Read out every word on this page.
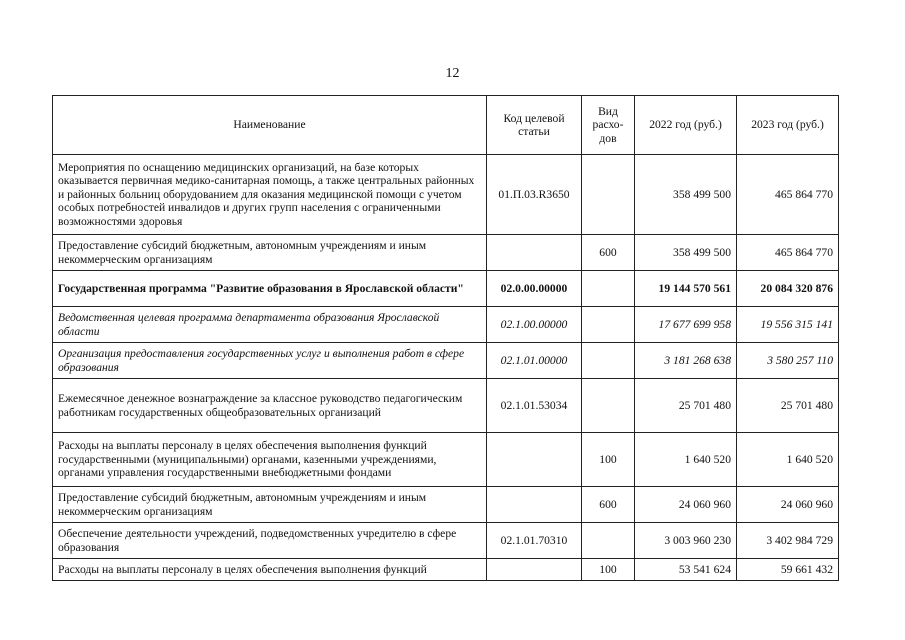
12
Наименование	Код целевой статьи	Вид расхо-дов	2022 год (руб.)	2023 год (руб.)
Мероприятия по оснащению медицинских организаций, на базе которых оказывается первичная медико-санитарная помощь, а также центральных районных и районных больниц оборудованием для оказания медицинской помощи с учетом особых потребностей инвалидов и других групп населения с ограниченными возможностями здоровья	01.П.03.R3650		358 499 500	465 864 770
Предоставление субсидий бюджетным, автономным учреждениям и иным некоммерческим организациям		600	358 499 500	465 864 770
Государственная программа "Развитие образования в Ярославской области"	02.0.00.00000		19 144 570 561	20 084 320 876
Ведомственная целевая программа департамента образования Ярославской области	02.1.00.00000		17 677 699 958	19 556 315 141
Организация предоставления государственных услуг и выполнения работ в сфере образования	02.1.01.00000		3 181 268 638	3 580 257 110
Ежемесячное денежное вознаграждение за классное руководство педагогическим работникам государственных общеобразовательных организаций	02.1.01.53034		25 701 480	25 701 480
Расходы на выплаты персоналу в целях обеспечения выполнения функций государственными (муниципальными) органами, казенными учреждениями, органами управления государственными внебюджетными фондами		100	1 640 520	1 640 520
Предоставление субсидий бюджетным, автономным учреждениям и иным некоммерческим организациям		600	24 060 960	24 060 960
Обеспечение деятельности учреждений, подведомственных учредителю в сфере образования	02.1.01.70310		3 003 960 230	3 402 984 729
Расходы на выплаты персоналу в целях обеспечения выполнения функций		100	53 541 624	59 661 432
